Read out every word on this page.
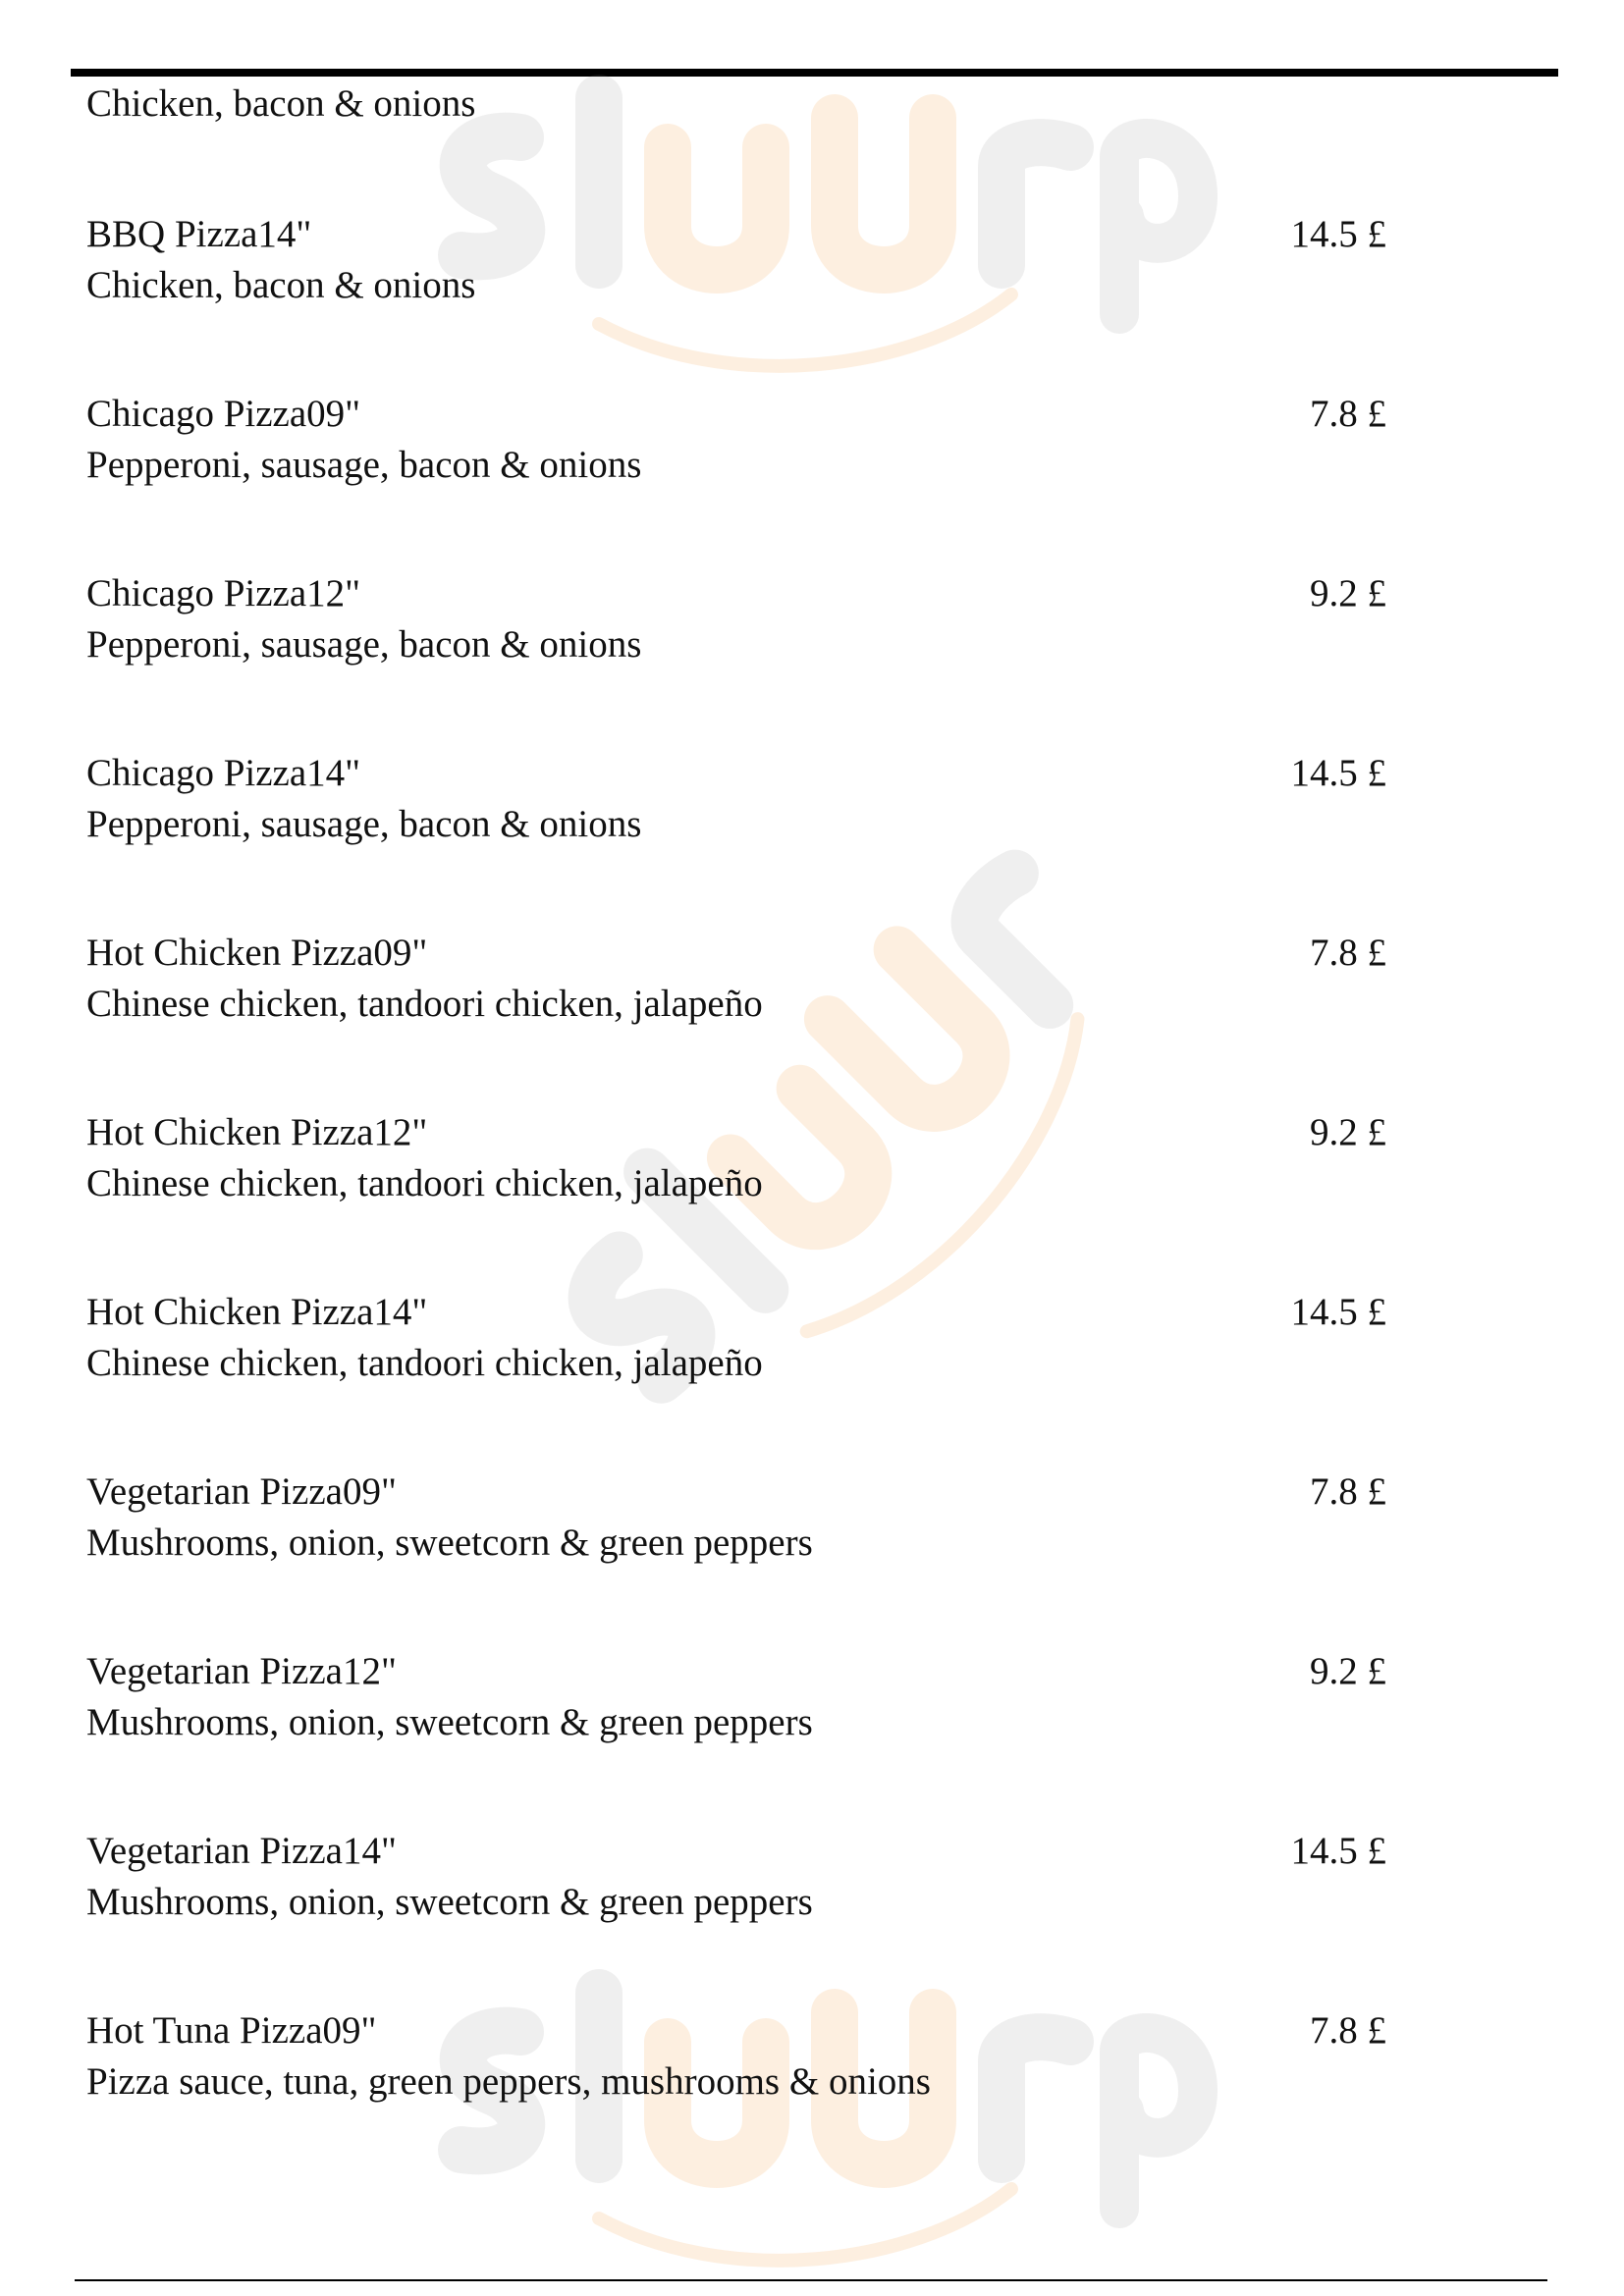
Chicken, bacon & onions
BBQ Pizza14"
Chicken, bacon & onions
14.5 £
Chicago Pizza09"
Pepperoni, sausage, bacon & onions
7.8 £
Chicago Pizza12"
Pepperoni, sausage, bacon & onions
9.2 £
Chicago Pizza14"
Pepperoni, sausage, bacon & onions
14.5 £
Hot Chicken Pizza09"
Chinese chicken, tandoori chicken, jalapeño
7.8 £
Hot Chicken Pizza12"
Chinese chicken, tandoori chicken, jalapeño
9.2 £
Hot Chicken Pizza14"
Chinese chicken, tandoori chicken, jalapeño
14.5 £
Vegetarian Pizza09"
Mushrooms, onion, sweetcorn & green peppers
7.8 £
Vegetarian Pizza12"
Mushrooms, onion, sweetcorn & green peppers
9.2 £
Vegetarian Pizza14"
Mushrooms, onion, sweetcorn & green peppers
14.5 £
Hot Tuna Pizza09"
Pizza sauce, tuna, green peppers, mushrooms & onions
7.8 £
